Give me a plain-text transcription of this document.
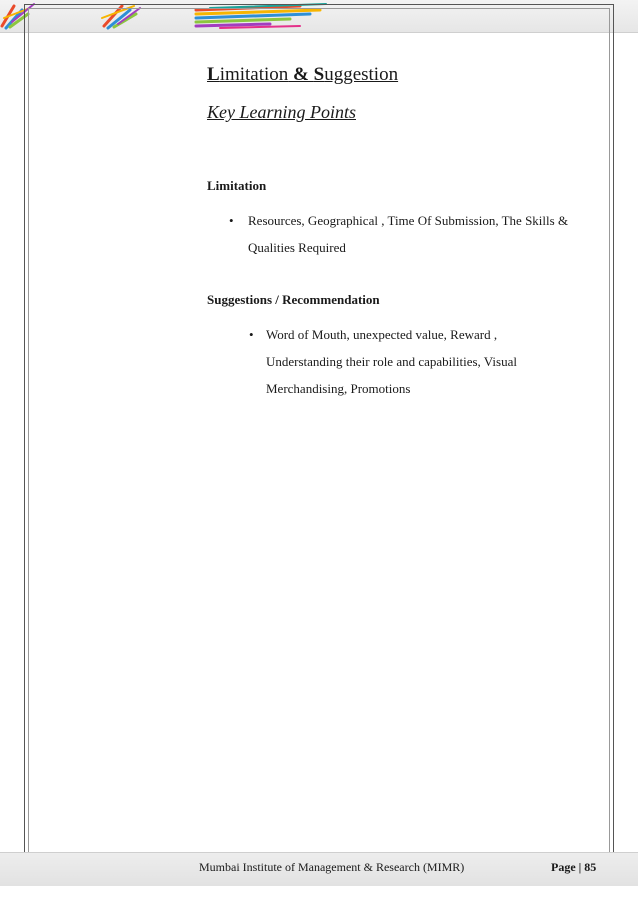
Limitation & Suggestion
Key Learning Points
Limitation
• Resources, Geographical , Time Of Submission, The Skills & Qualities Required
Suggestions / Recommendation
• Word of Mouth, unexpected value, Reward , Understanding their role and capabilities, Visual Merchandising, Promotions
Mumbai Institute of Management & Research (MIMR)	Page | 85
